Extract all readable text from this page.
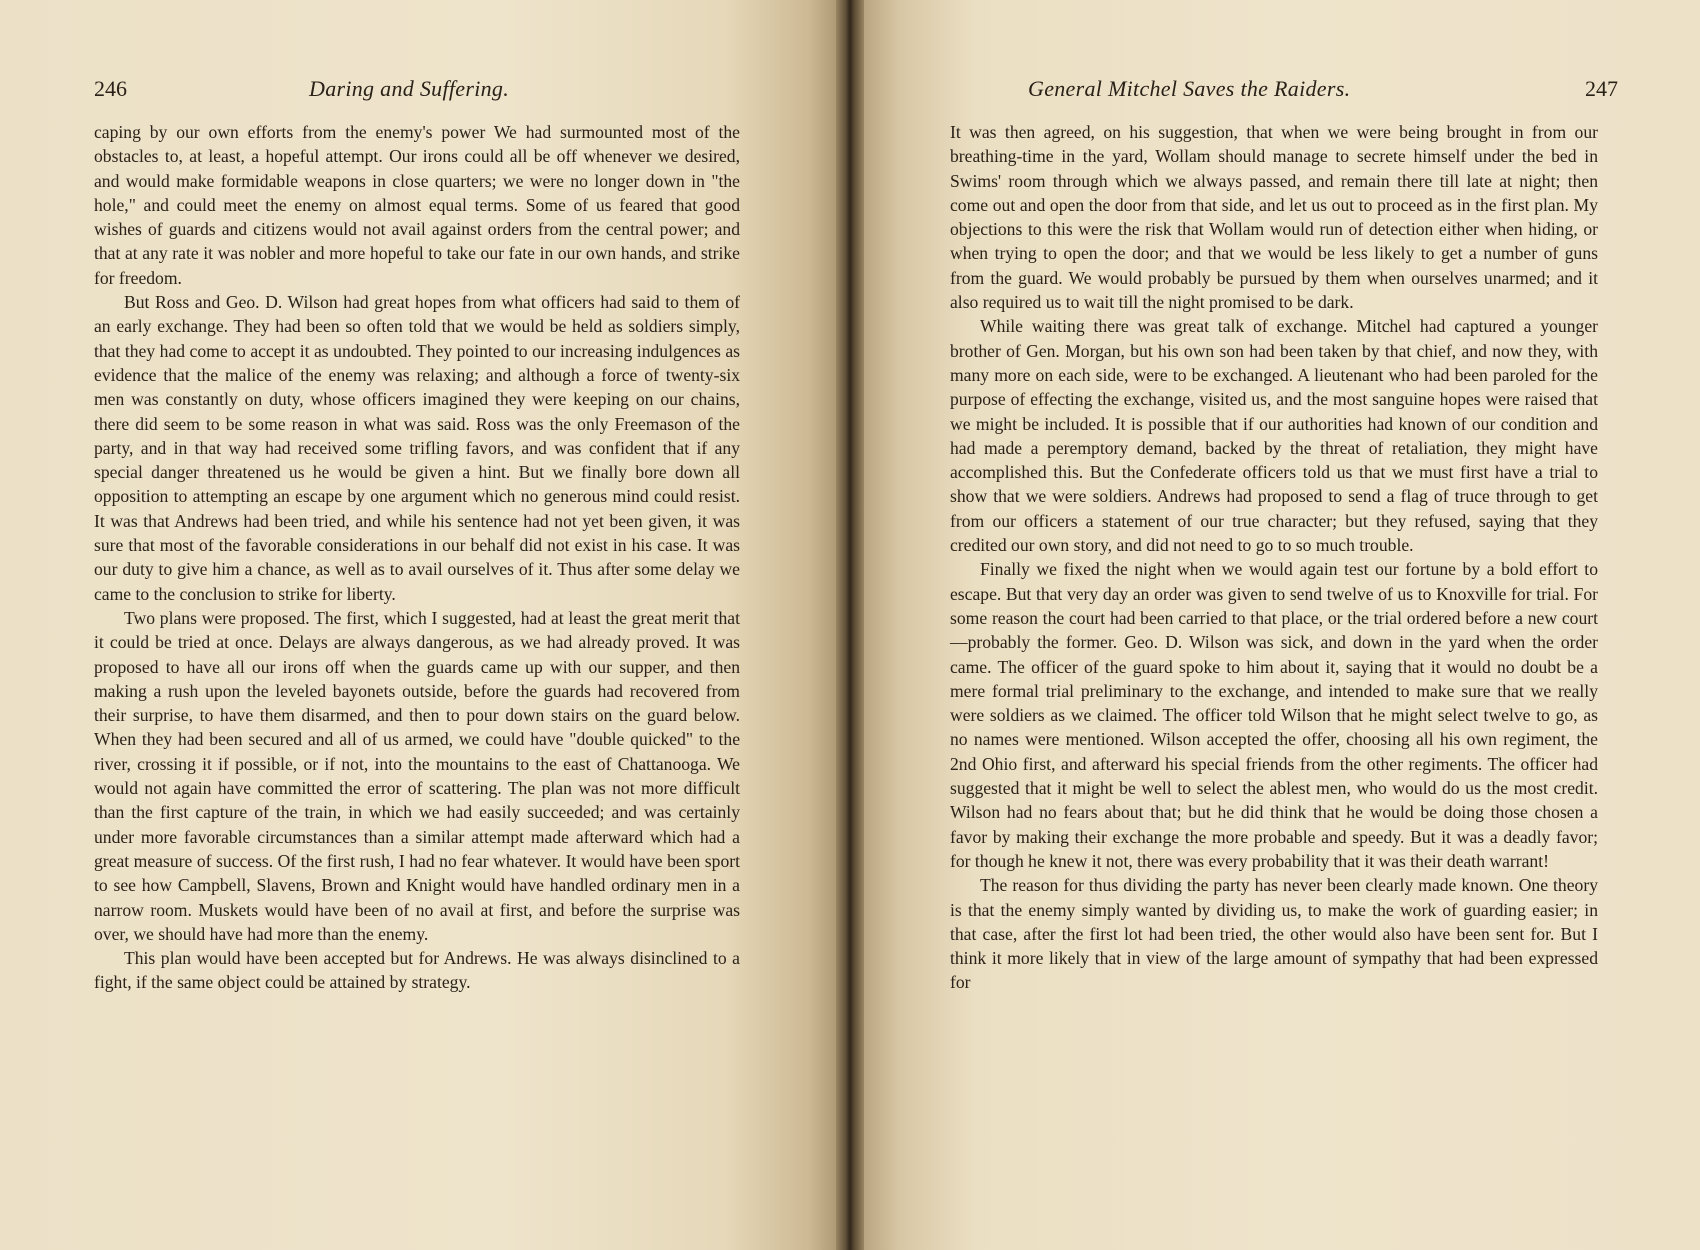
246	Daring and Suffering.

caping by our own efforts from the enemy's power We had surmounted most of the obstacles to, at least, a hopeful attempt. Our irons could all be off whenever we desired, and would make formidable weapons in close quarters; we were no longer down in "the hole," and could meet the enemy on almost equal terms. Some of us feared that good wishes of guards and citizens would not avail against orders from the central power; and that at any rate it was nobler and more hopeful to take our fate in our own hands, and strike for freedom.

But Ross and Geo. D. Wilson had great hopes from what officers had said to them of an early exchange. They had been so often told that we would be held as soldiers simply, that they had come to accept it as undoubted. They pointed to our increasing indulgences as evidence that the malice of the enemy was relaxing; and although a force of twenty-six men was constantly on duty, whose officers imagined they were keeping on our chains, there did seem to be some reason in what was said. Ross was the only Freemason of the party, and in that way had received some trifling favors, and was confident that if any special danger threatened us he would be given a hint. But we finally bore down all opposition to attempting an escape by one argument which no generous mind could resist. It was that Andrews had been tried, and while his sentence had not yet been given, it was sure that most of the favorable considerations in our behalf did not exist in his case. It was our duty to give him a chance, as well as to avail ourselves of it. Thus after some delay we came to the conclusion to strike for liberty.

Two plans were proposed. The first, which I suggested, had at least the great merit that it could be tried at once. Delays are always dangerous, as we had already proved. It was proposed to have all our irons off when the guards came up with our supper, and then making a rush upon the leveled bayonets outside, before the guards had recovered from their surprise, to have them disarmed, and then to pour down stairs on the guard below. When they had been secured and all of us armed, we could have "double quicked" to the river, crossing it if possible, or if not, into the mountains to the east of Chattanooga. We would not again have committed the error of scattering. The plan was not more difficult than the first capture of the train, in which we had easily succeeded; and was certainly under more favorable circumstances than a similar attempt made afterward which had a great measure of success. Of the first rush, I had no fear whatever. It would have been sport to see how Campbell, Slavens, Brown and Knight would have handled ordinary men in a narrow room. Muskets would have been of no avail at first, and before the surprise was over, we should have had more than the enemy.

This plan would have been accepted but for Andrews. He was always disinclined to a fight, if the same object could be attained by strategy.

General Mitchel Saves the Raiders.	247

It was then agreed, on his suggestion, that when we were being brought in from our breathing-time in the yard, Wollam should manage to secrete himself under the bed in Swims' room through which we always passed, and remain there till late at night; then come out and open the door from that side, and let us out to proceed as in the first plan. My objections to this were the risk that Wollam would run of detection either when hiding, or when trying to open the door; and that we would be less likely to get a number of guns from the guard. We would probably be pursued by them when ourselves unarmed; and it also required us to wait till the night promised to be dark.

While waiting there was great talk of exchange. Mitchel had captured a younger brother of Gen. Morgan, but his own son had been taken by that chief, and now they, with many more on each side, were to be exchanged. A lieutenant who had been paroled for the purpose of effecting the exchange, visited us, and the most sanguine hopes were raised that we might be included. It is possible that if our authorities had known of our condition and had made a peremptory demand, backed by the threat of retaliation, they might have accomplished this. But the Confederate officers told us that we must first have a trial to show that we were soldiers. Andrews had proposed to send a flag of truce through to get from our officers a statement of our true character; but they refused, saying that they credited our own story, and did not need to go to so much trouble.

Finally we fixed the night when we would again test our fortune by a bold effort to escape. But that very day an order was given to send twelve of us to Knoxville for trial. For some reason the court had been carried to that place, or the trial ordered before a new court—probably the former. Geo. D. Wilson was sick, and down in the yard when the order came. The officer of the guard spoke to him about it, saying that it would no doubt be a mere formal trial preliminary to the exchange, and intended to make sure that we really were soldiers as we claimed. The officer told Wilson that he might select twelve to go, as no names were mentioned. Wilson accepted the offer, choosing all his own regiment, the 2nd Ohio first, and afterward his special friends from the other regiments. The officer had suggested that it might be well to select the ablest men, who would do us the most credit. Wilson had no fears about that; but he did think that he would be doing those chosen a favor by making their exchange the more probable and speedy. But it was a deadly favor; for though he knew it not, there was every probability that it was their death warrant!

The reason for thus dividing the party has never been clearly made known. One theory is that the enemy simply wanted by dividing us, to make the work of guarding easier; in that case, after the first lot had been tried, the other would also have been sent for. But I think it more likely that in view of the large amount of sympathy that had been expressed for
